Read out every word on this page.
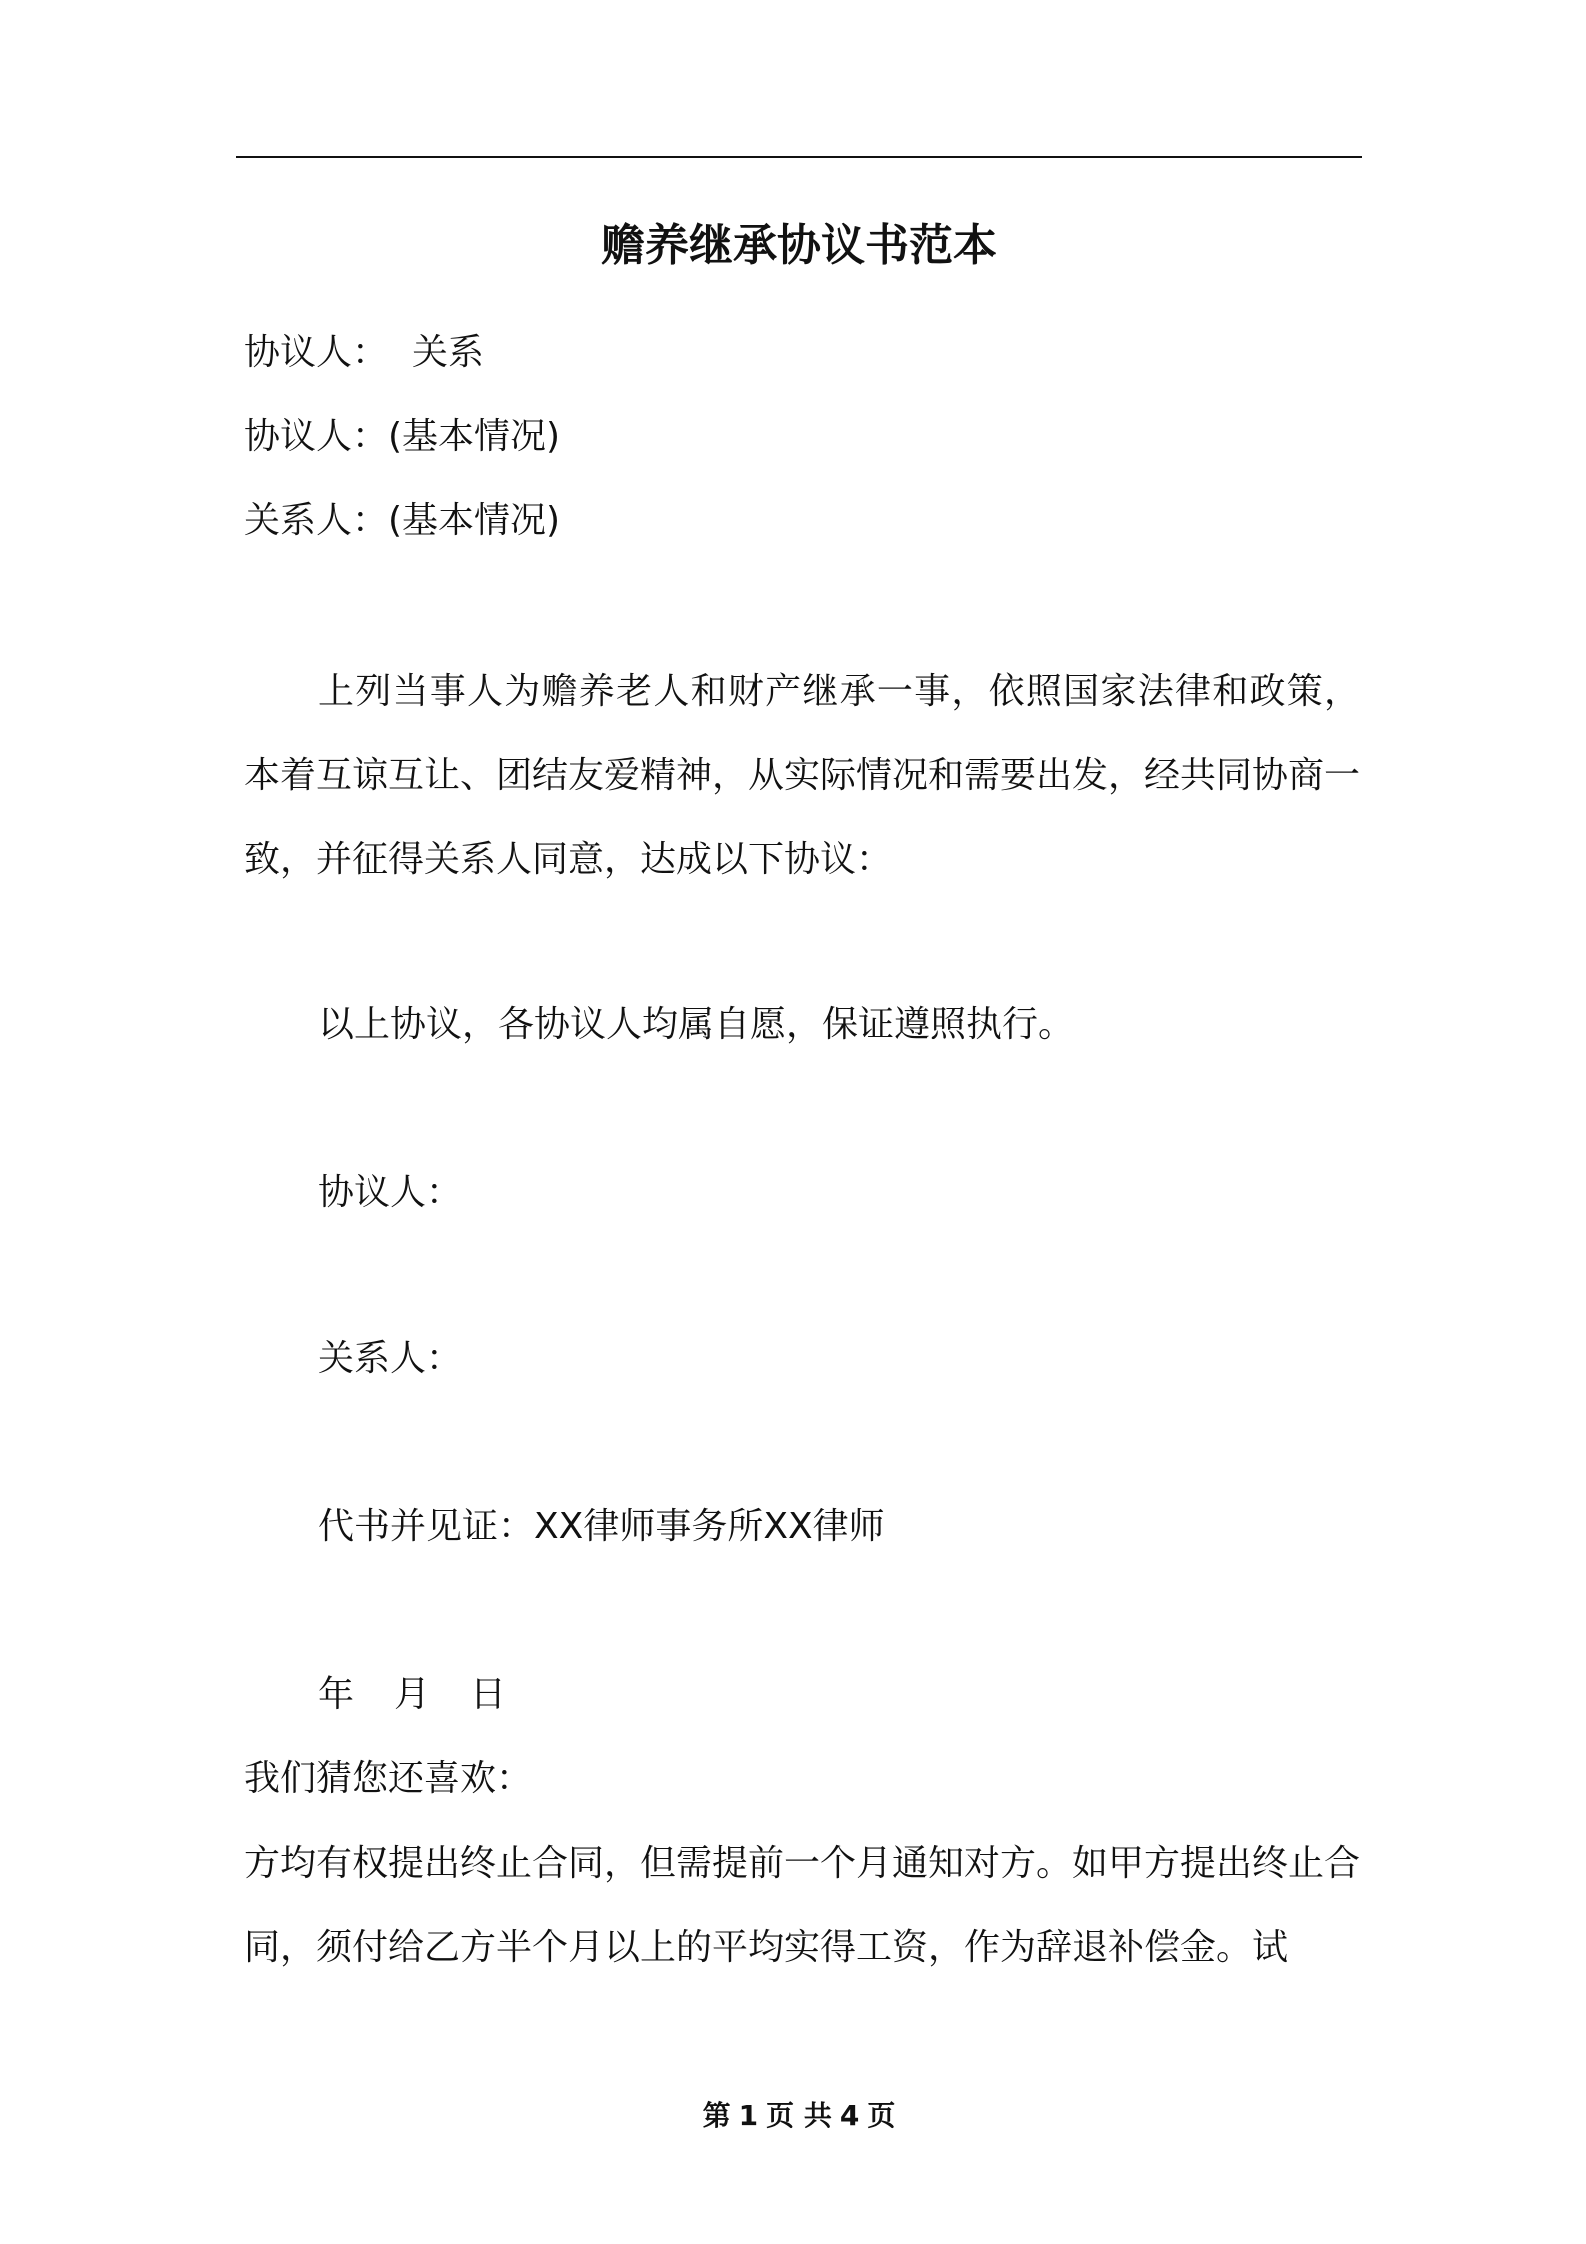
赡养继承协议书范本
协议人： 关系
协议人：(基本情况)
关系人：(基本情况)
上列当事人为赡养老人和财产继承一事，依照国家法律和政策，本着互谅互让、团结友爱精神，从实际情况和需要出发，经共同协商一致，并征得关系人同意，达成以下协议：
以上协议，各协议人均属自愿，保证遵照执行。
协议人：
关系人：
代书并见证：XX律师事务所XX律师
年 月 日
我们猜您还喜欢：
方均有权提出终止合同，但需提前一个月通知对方。如甲方提出终止合同，须付给乙方半个月以上的平均实得工资，作为辞退补偿金。试
第 1 页 共 4 页
